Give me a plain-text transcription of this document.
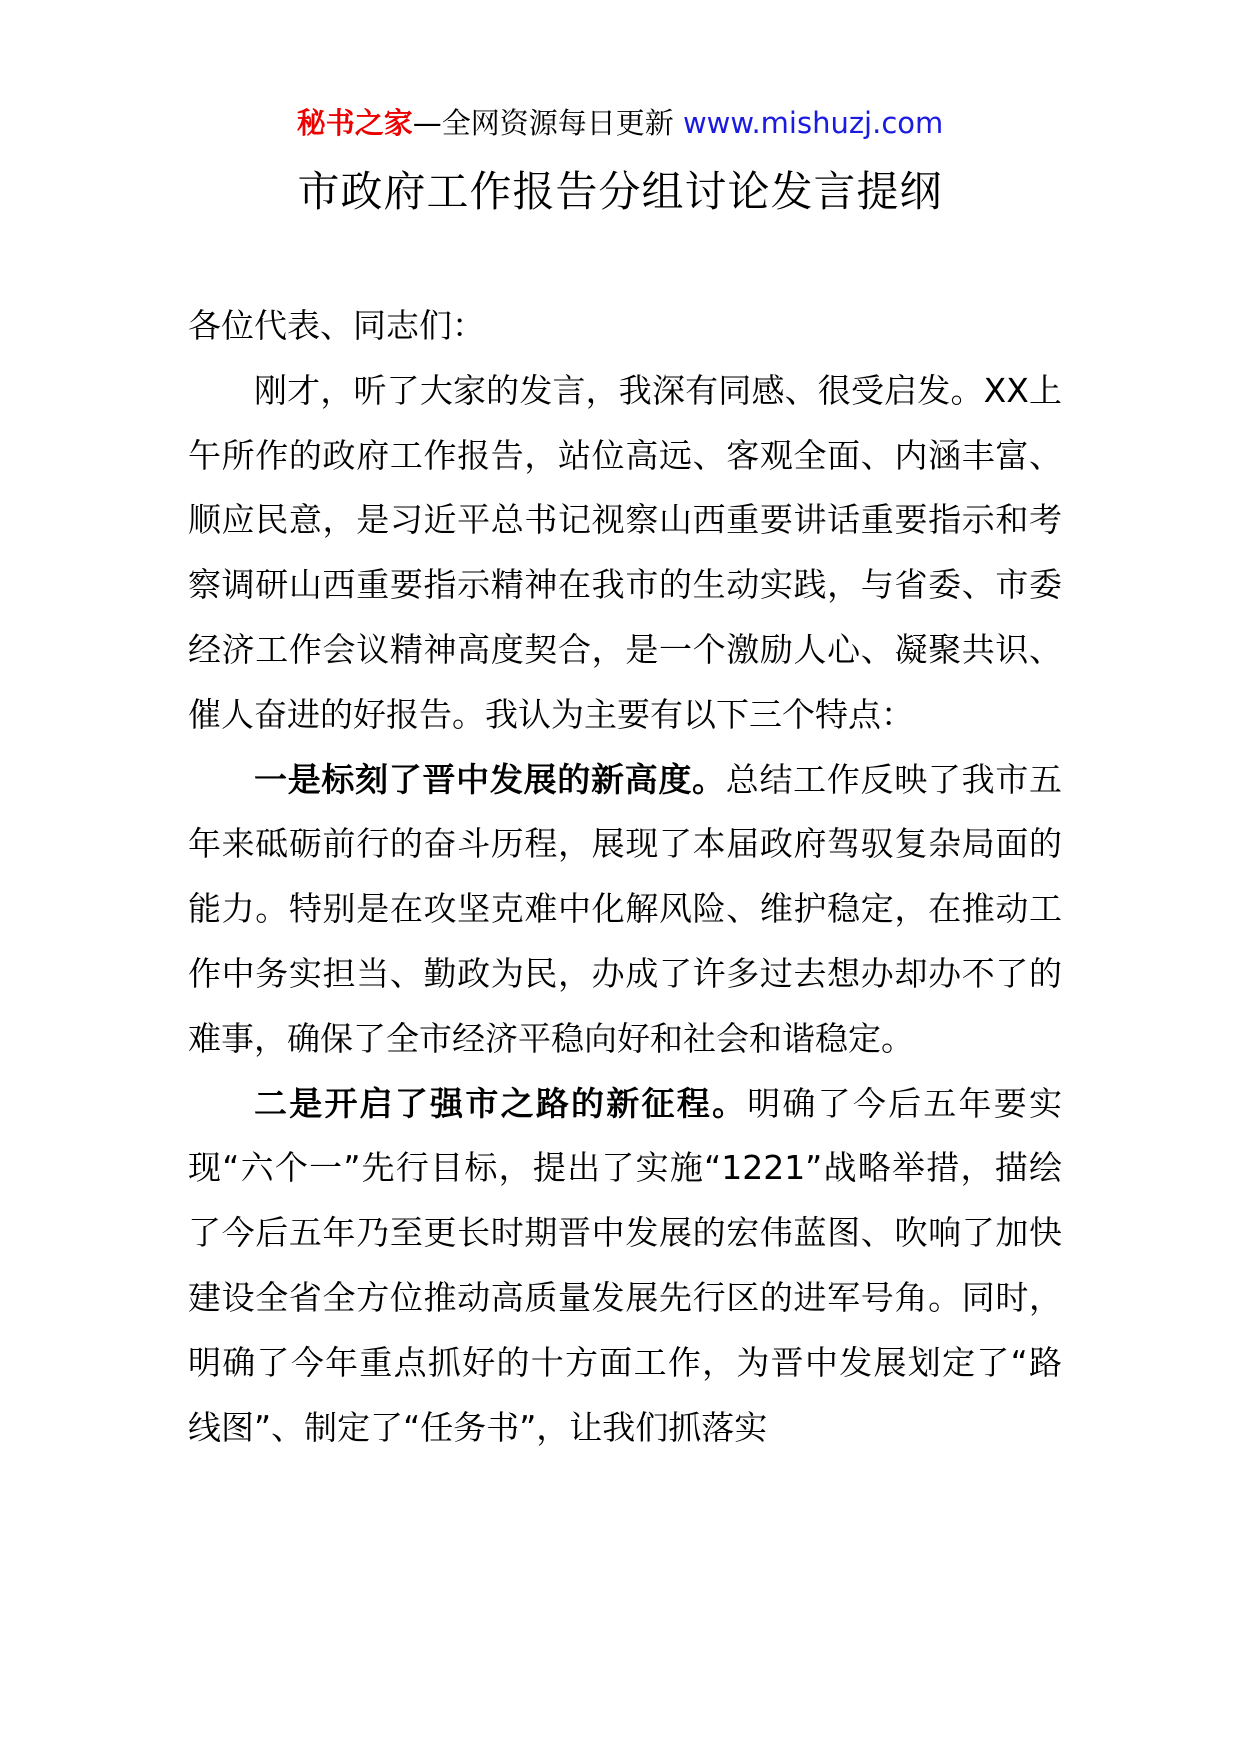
秘书之家—全网资源每日更新 www.mishuzj.com
市政府工作报告分组讨论发言提纲

各位代表、同志们：

刚才，听了大家的发言，我深有同感、很受启发。XX上午所作的政府工作报告，站位高远、客观全面、内涵丰富、顺应民意，是习近平总书记视察山西重要讲话重要指示和考察调研山西重要指示精神在我市的生动实践，与省委、市委经济工作会议精神高度契合，是一个激励人心、凝聚共识、催人奋进的好报告。我认为主要有以下三个特点：

一是标刻了晋中发展的新高度。总结工作反映了我市五年来砥砺前行的奋斗历程，展现了本届政府驾驭复杂局面的能力。特别是在攻坚克难中化解风险、维护稳定，在推动工作中务实担当、勤政为民，办成了许多过去想办却办不了的难事，确保了全市经济平稳向好和社会和谐稳定。

二是开启了强市之路的新征程。明确了今后五年要实现“六个一”先行目标，提出了实施“1221”战略举措，描绘了今后五年乃至更长时期晋中发展的宏伟蓝图、吹响了加快建设全省全方位推动高质量发展先行区的进军号角。同时，明确了今年重点抓好的十方面工作，为晋中发展划定了“路线图”、制定了“任务书”，让我们抓落实
